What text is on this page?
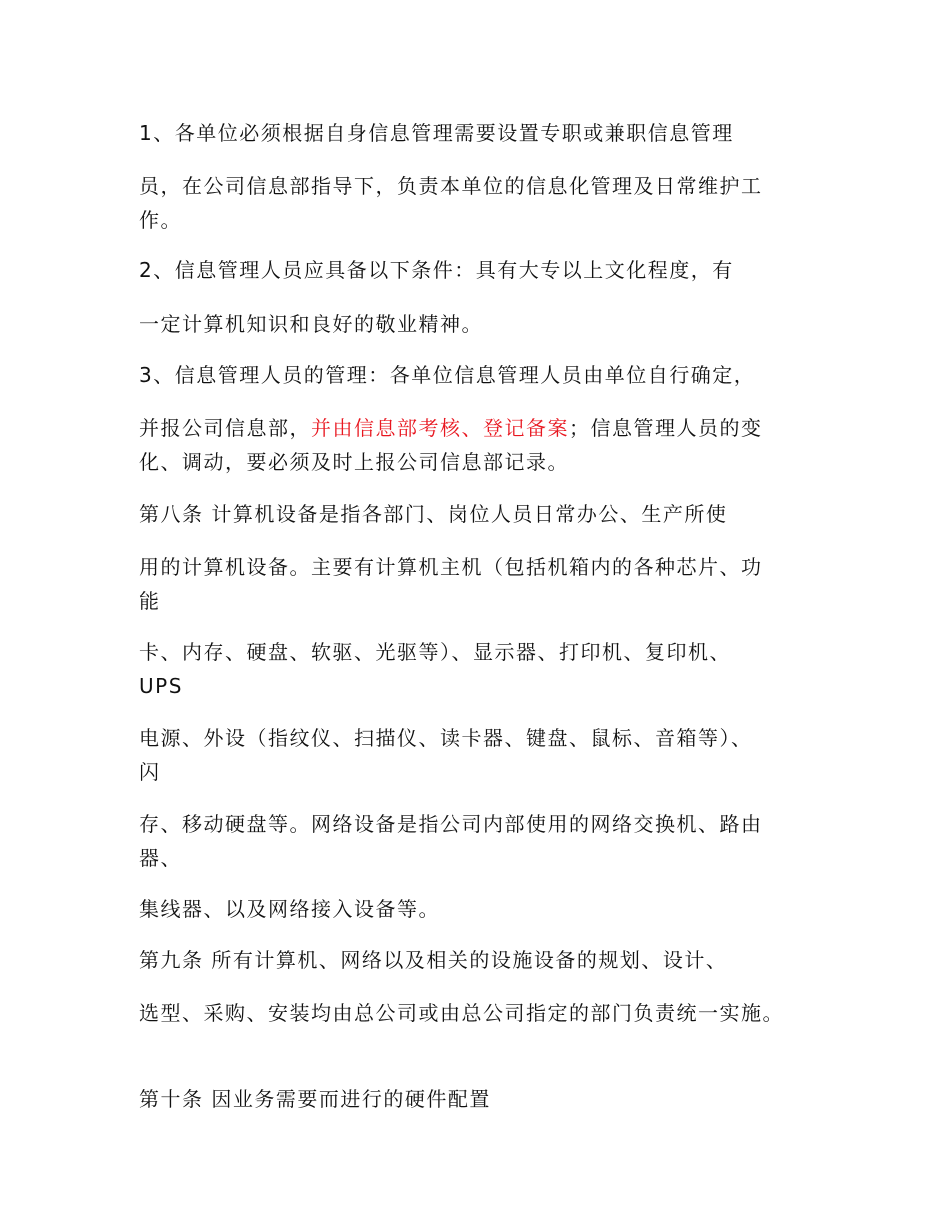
1、各单位必须根据自身信息管理需要设置专职或兼职信息管理

员，在公司信息部指导下，负责本单位的信息化管理及日常维护工

作。

2、信息管理人员应具备以下条件：具有大专以上文化程度，有

一定计算机知识和良好的敬业精神。

3、信息管理人员的管理：各单位信息管理人员由单位自行确定，

并报公司信息部，并由信息部考核、登记备案；信息管理人员的变

化、调动，要必须及时上报公司信息部记录。

第八条 计算机设备是指各部门、岗位人员日常办公、生产所使

用的计算机设备。主要有计算机主机（包括机箱内的各种芯片、功

能

卡、内存、硬盘、软驱、光驱等）、显示器、打印机、复印机、

UPS

电源、外设（指纹仪、扫描仪、读卡器、键盘、鼠标、音箱等）、

闪

存、移动硬盘等。网络设备是指公司内部使用的网络交换机、路由

器、

集线器、以及网络接入设备等。

第九条 所有计算机、网络以及相关的设施设备的规划、设计、

选型、采购、安装均由总公司或由总公司指定的部门负责统一实施。

第十条 因业务需要而进行的硬件配置
